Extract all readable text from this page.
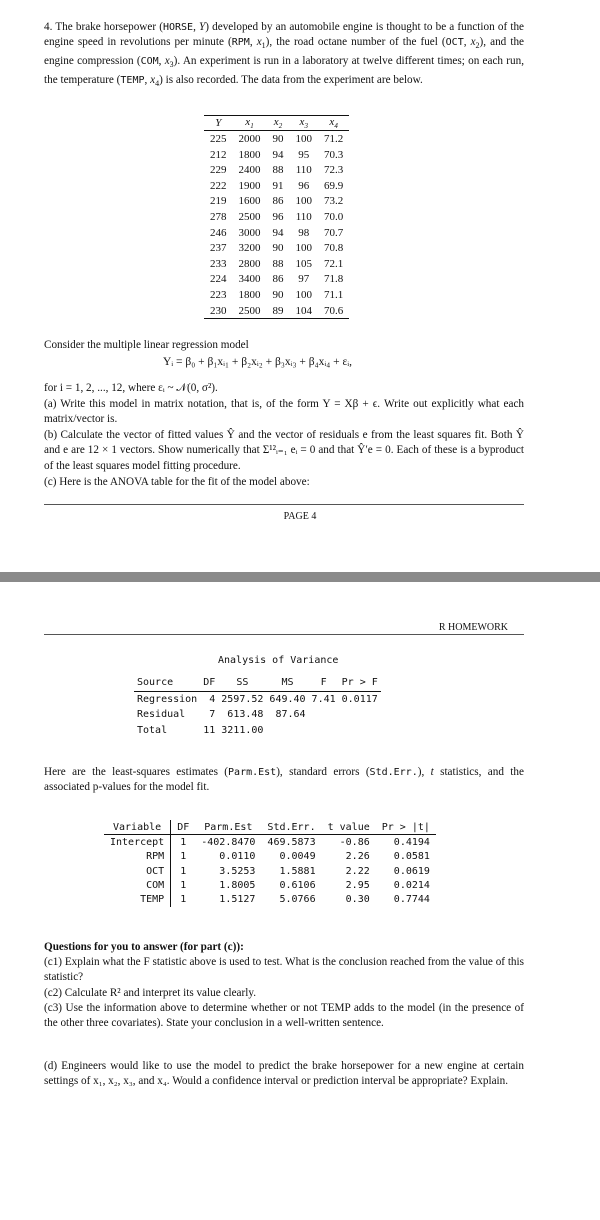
4. The brake horsepower (HORSE, Y) developed by an automobile engine is thought to be a function of the engine speed in revolutions per minute (RPM, $x_1$), the road octane number of the fuel (OCT, $x_2$), and the engine compression (COM, $x_3$). An experiment is run in a laboratory at twelve different times; on each run, the temperature (TEMP, $x_4$) is also recorded. The data from the experiment are below.
Y	$x_1$	$x_2$	$x_3$	$x_4$
225	2000	90	100	71.2
212	1800	94	95	70.3
229	2400	88	110	72.3
222	1900	91	96	69.9
219	1600	86	100	73.2
278	2500	96	110	70.0
246	3000	94	98	70.7
237	3200	90	100	70.8
233	2800	88	105	72.1
224	3400	86	97	71.8
223	1800	90	100	71.1
230	2500	89	104	70.6
Consider the multiple linear regression model
Yᵢ = β₀ + β₁xᵢ₁ + β₂xᵢ₂ + β₃xᵢ₃ + β₄xᵢ₄ + εᵢ,
for i = 1, 2, ..., 12, where εᵢ ~ 𝒩(0, σ²).
(a) Write this model in matrix notation, that is, of the form Y = Xβ + ϵ. Write out explicitly what each matrix/vector is.
(b) Calculate the vector of fitted values Ŷ and the vector of residuals e from the least squares fit. Both Ŷ and e are 12 × 1 vectors. Show numerically that Σ¹²ᵢ₌₁ eᵢ = 0 and that Ŷ′e = 0. Each of these is a byproduct of the least squares model fitting procedure.
(c) Here is the ANOVA table for the fit of the model above:
PAGE 4
R HOMEWORK
Analysis of Variance
Source	DF	SS	MS	F	Pr > F
Regression	4	2597.52	649.40	7.41	0.0117
Residual	7	613.48	87.64		
Total	11	3211.00			
Here are the least-squares estimates (Parm.Est), standard errors (Std.Err.), t statistics, and the associated p-values for the model fit.
Variable	DF	Parm.Est	Std.Err.	t value	Pr > |t|
Intercept	1	-402.8470	469.5873	-0.86	0.4194
RPM	1	0.0110	0.0049	2.26	0.0581
OCT	1	3.5253	1.5881	2.22	0.0619
COM	1	1.8005	0.6106	2.95	0.0214
TEMP	1	1.5127	5.0766	0.30	0.7744
Questions for you to answer (for part (c)):
(c1) Explain what the F statistic above is used to test. What is the conclusion reached from the value of this statistic?
(c2) Calculate R² and interpret its value clearly.
(c3) Use the information above to determine whether or not TEMP adds to the model (in the presence of the other three covariates). State your conclusion in a well-written sentence.
(d) Engineers would like to use the model to predict the brake horsepower for a new engine at certain settings of x₁, x₂, x₃, and x₄. Would a confidence interval or prediction interval be appropriate? Explain.
